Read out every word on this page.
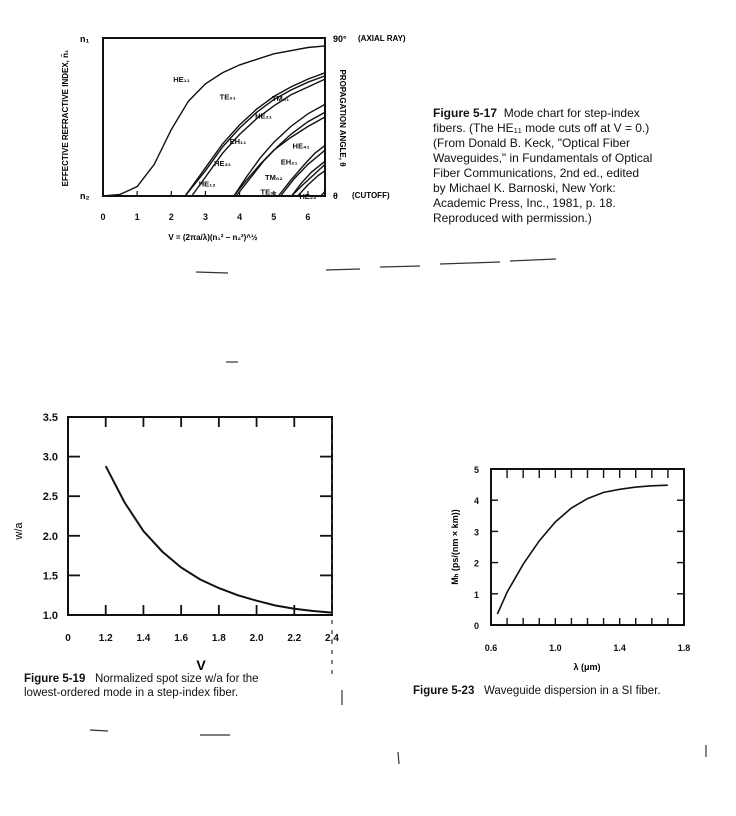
n₁
n₂
90° (AXIAL RAY)
θ (CUTOFF)
EFFECTIVE REFRACTIVE INDEX, n̄₁	PROPAGATION ANGLE, θ
V = (2πa/λ)(n₁² − n₂²)^½
0	1	2	3	4	5	6
HE₁₁
TE₀₁	TM₀₁
HE₂₁
EH₁₁
HE₃₁
HE₁₂
HE₄₁
EH₂₁
TM₀₂
TE₀₂
HE₂₂
w/a
V
0	1.2 1.4 1.6 1.8 2.0 2.2 2.4
1.0
1.5
2.0
2.5
3.0
3.5
Mₕ (ps/(nm × km))
λ (μm)
0.6	1.0	1.4	1.8
0
1
2
3
4
5
Figure 5-17 Mode chart for step-index
fibers. (The HE₁₁ mode cuts off at V = 0.)
(From Donald B. Keck, "Optical Fiber
Waveguides," in Fundamentals of Optical
Fiber Communications, 2nd ed., edited
by Michael K. Barnoski, New York:
Academic Press, Inc., 1981, p. 18.
Reproduced with permission.)
Figure 5-19 Normalized spot size w/a for the
lowest-ordered mode in a step-index fiber.	Figure 5-23 Waveguide dispersion in a SI fiber.
